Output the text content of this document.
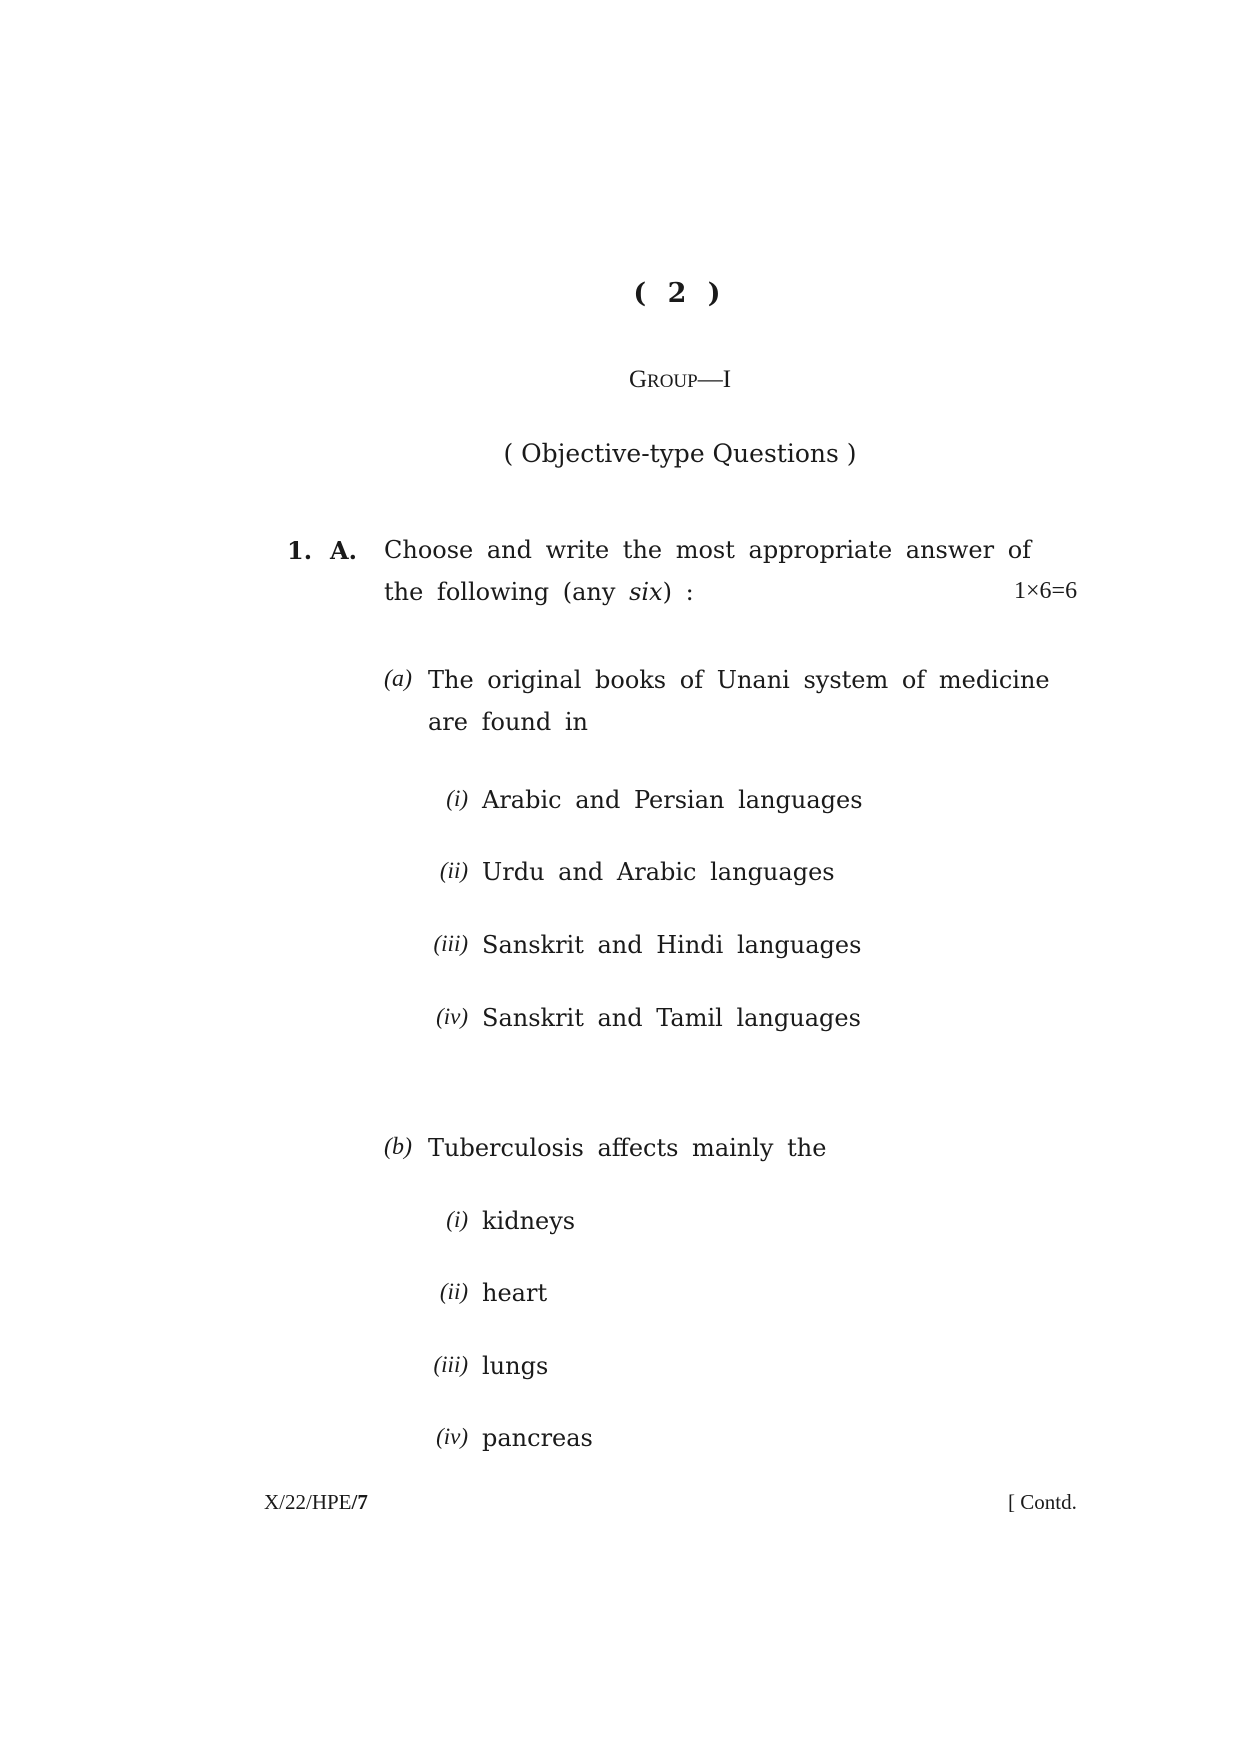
( 2 )
GROUP—I
( Objective-type Questions )
1. A. Choose and write the most appropriate answer of
the following (any six) :	1×6=6
(a) The original books of Unani system of medicine
are found in
(i) Arabic and Persian languages
(ii) Urdu and Arabic languages
(iii) Sanskrit and Hindi languages
(iv) Sanskrit and Tamil languages
(b) Tuberculosis affects mainly the
(i) kidneys
(ii) heart
(iii) lungs
(iv) pancreas
X/22/HPE/7	[ Contd.
